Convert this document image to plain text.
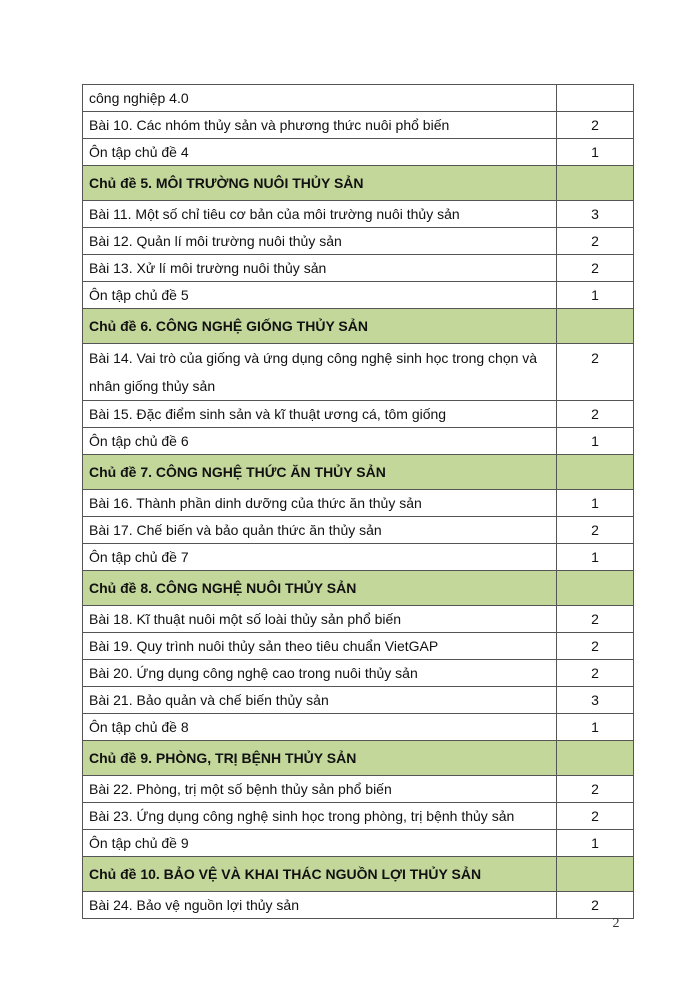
công nghiệp 4.0	
Bài 10. Các nhóm thủy sản và phương thức nuôi phổ biến	2
Ôn tập chủ đề 4	1
Chủ đề 5. MÔI TRƯỜNG NUÔI THỦY SẢN	
Bài 11. Một số chỉ tiêu cơ bản của môi trường nuôi thủy sản	3
Bài 12. Quản lí môi trường nuôi thủy sản	2
Bài 13. Xử lí môi trường nuôi thủy sản	2
Ôn tập chủ đề 5	1
Chủ đề 6. CÔNG NGHỆ GIỐNG THỦY SẢN	
Bài 14. Vai trò của giống và ứng dụng công nghệ sinh học trong chọn và nhân giống thủy sản	2
Bài 15. Đặc điểm sinh sản và kĩ thuật ương cá, tôm giống	2
Ôn tập chủ đề 6	1
Chủ đề 7. CÔNG NGHỆ THỨC ĂN THỦY SẢN	
Bài 16. Thành phần dinh dưỡng của thức ăn thủy sản	1
Bài 17. Chế biến và bảo quản thức ăn thủy sản	2
Ôn tập chủ đề 7	1
Chủ đề 8. CÔNG NGHỆ NUÔI THỦY SẢN	
Bài 18. Kĩ thuật nuôi một số loài thủy sản phổ biến	2
Bài 19. Quy trình nuôi thủy sản theo tiêu chuẩn VietGAP	2
Bài 20. Ứng dụng công nghệ cao trong nuôi thủy sản	2
Bài 21. Bảo quản và chế biến thủy sản	3
Ôn tập chủ đề 8	1
Chủ đề 9. PHÒNG, TRỊ BỆNH THỦY SẢN	
Bài 22. Phòng, trị một số bệnh thủy sản phổ biến	2
Bài 23. Ứng dụng công nghệ sinh học trong phòng, trị bệnh thủy sản	2
Ôn tập chủ đề 9	1
Chủ đề 10. BẢO VỆ VÀ KHAI THÁC NGUỒN LỢI THỦY SẢN	
Bài 24. Bảo vệ nguồn lợi thủy sản	2
2
